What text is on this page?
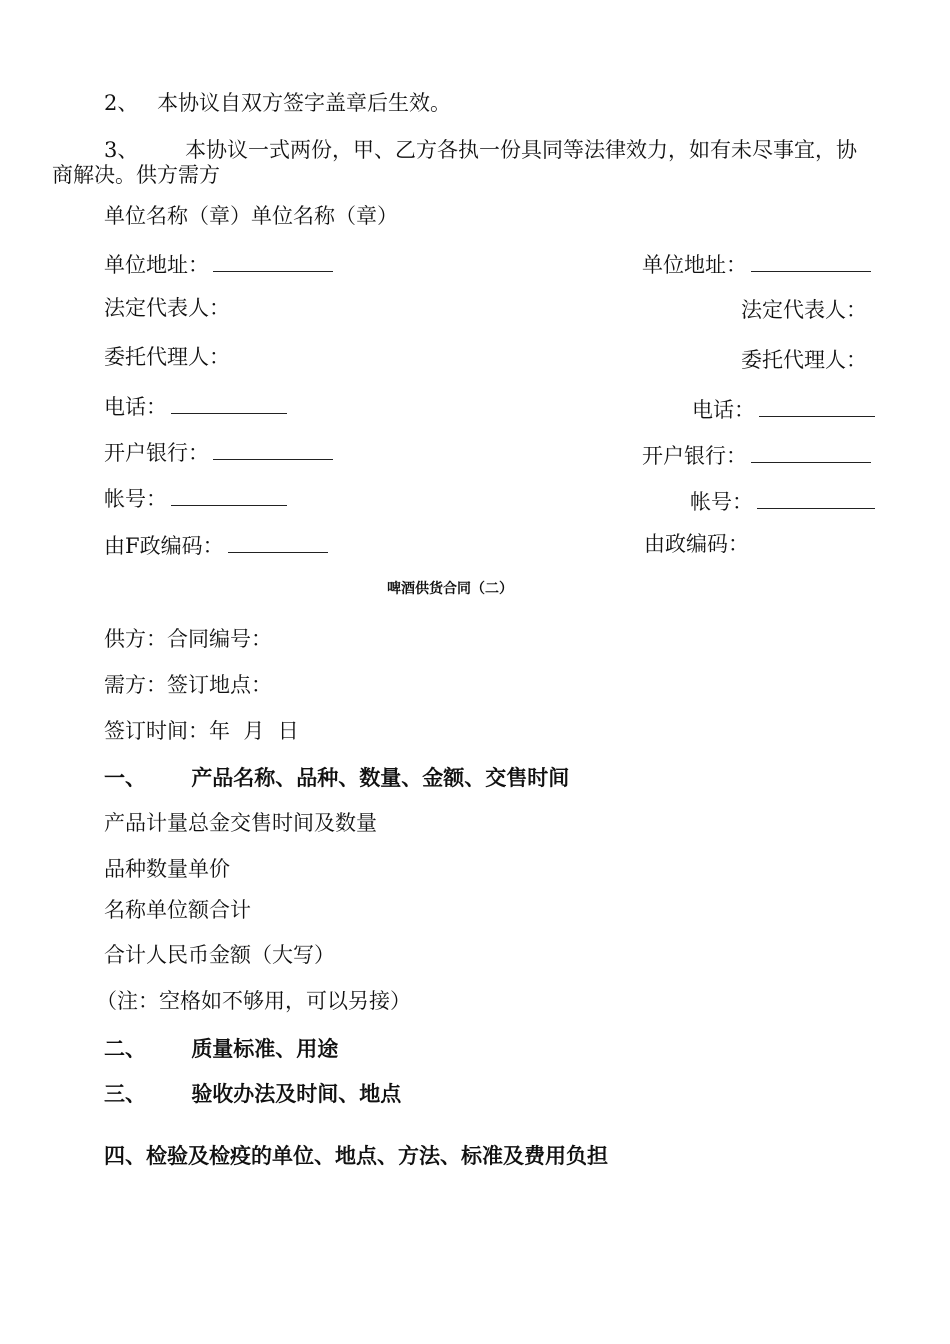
2、 本协议自双方签字盖章后生效。
3、 本协议一式两份，甲、乙方各执一份具同等法律效力，如有未尽事宜，协
商解决。供方需方
单位名称（章）单位名称（章）
单位地址：	单位地址：
法定代表人：	法定代表人：
委托代理人：	委托代理人：
电话：	电话：
开户银行：	开户银行：
帐号：	帐号：
由F政编码：	由政编码：
啤酒供货合同（二）
供方：合同编号：
需方：签订地点：
签订时间：年  月  日
一、 产品名称、品种、数量、金额、交售时间
产品计量总金交售时间及数量
品种数量单价
名称单位额合计
合计人民币金额（大写）
（注：空格如不够用，可以另接）
二、 质量标准、用途
三、 验收办法及时间、地点
四、检验及检疫的单位、地点、方法、标准及费用负担
